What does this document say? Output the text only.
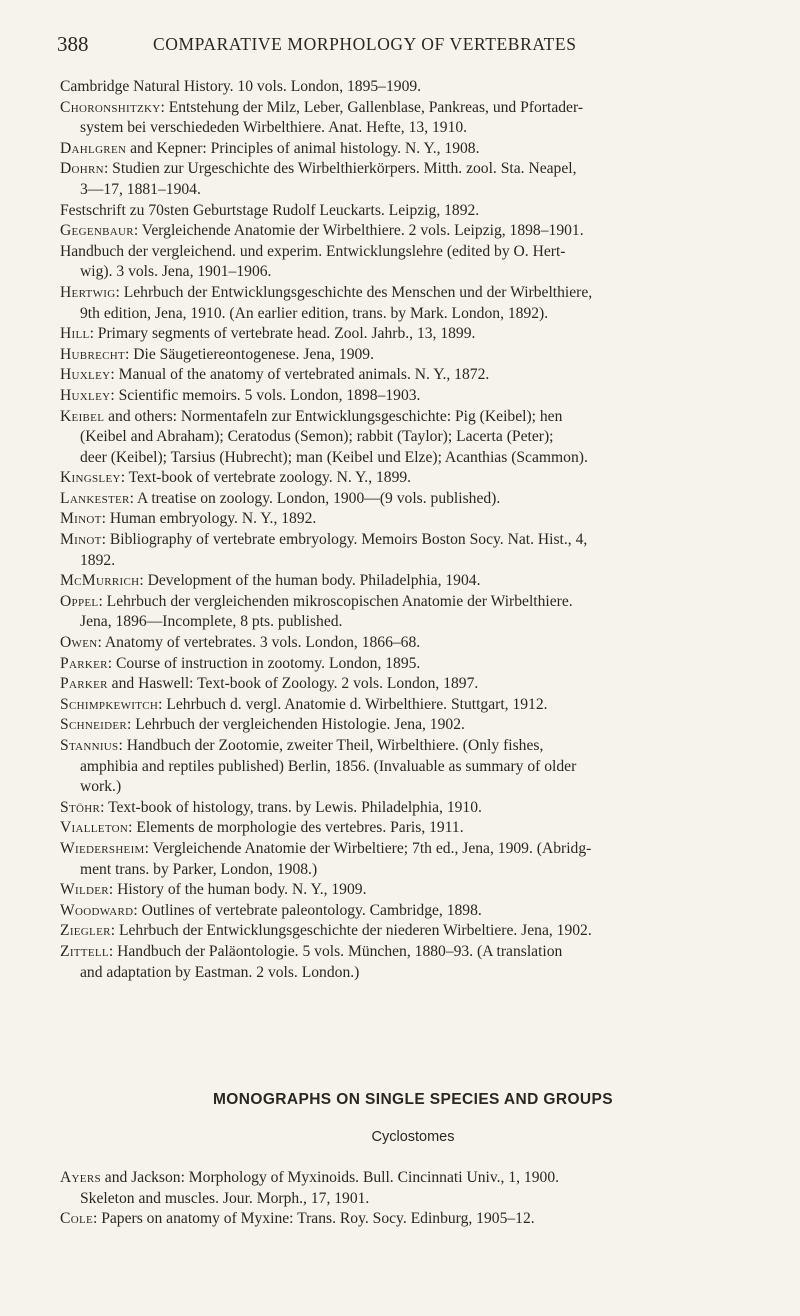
388	COMPARATIVE MORPHOLOGY OF VERTEBRATES

Cambridge Natural History. 10 vols. London, 1895–1909.

Choronshitzky: Entstehung der Milz, Leber, Gallenblase, Pankreas, und Pfortader-
system bei verschiededen Wirbelthiere. Anat. Hefte, 13, 1910.

Dahlgren and Kepner: Principles of animal histology. N. Y., 1908.

Dohrn: Studien zur Urgeschichte des Wirbelthierkörpers. Mitth. zool. Sta. Neapel,
3—17, 1881–1904.

Festschrift zu 70sten Geburtstage Rudolf Leuckarts. Leipzig, 1892.

Gegenbaur: Vergleichende Anatomie der Wirbelthiere. 2 vols. Leipzig, 1898–1901.

Handbuch der vergleichend. und experim. Entwicklungslehre (edited by O. Hert-
wig). 3 vols. Jena, 1901–1906.

Hertwig: Lehrbuch der Entwicklungsgeschichte des Menschen und der Wirbelthiere,
9th edition, Jena, 1910. (An earlier edition, trans. by Mark. London, 1892).

Hill: Primary segments of vertebrate head. Zool. Jahrb., 13, 1899.

Hubrecht: Die Säugetiereontogenese. Jena, 1909.

Huxley: Manual of the anatomy of vertebrated animals. N. Y., 1872.

Huxley: Scientific memoirs. 5 vols. London, 1898–1903.

Keibel and others: Normentafeln zur Entwicklungsgeschichte: Pig (Keibel); hen
(Keibel and Abraham); Ceratodus (Semon); rabbit (Taylor); Lacerta (Peter);
deer (Keibel); Tarsius (Hubrecht); man (Keibel und Elze); Acanthias (Scammon).

Kingsley: Text-book of vertebrate zoology. N. Y., 1899.

Lankester: A treatise on zoology. London, 1900—(9 vols. published).

Minot: Human embryology. N. Y., 1892.

Minot: Bibliography of vertebrate embryology. Memoirs Boston Socy. Nat. Hist., 4,
1892.

McMurrich: Development of the human body. Philadelphia, 1904.

Oppel: Lehrbuch der vergleichenden mikroscopischen Anatomie der Wirbelthiere.
Jena, 1896—Incomplete, 8 pts. published.

Owen: Anatomy of vertebrates. 3 vols. London, 1866–68.

Parker: Course of instruction in zootomy. London, 1895.

Parker and Haswell: Text-book of Zoology. 2 vols. London, 1897.

Schimpkewitch: Lehrbuch d. vergl. Anatomie d. Wirbelthiere. Stuttgart, 1912.

Schneider: Lehrbuch der vergleichenden Histologie. Jena, 1902.

Stannius: Handbuch der Zootomie, zweiter Theil, Wirbelthiere. (Only fishes,
amphibia and reptiles published) Berlin, 1856. (Invaluable as summary of older
work.)

Stöhr: Text-book of histology, trans. by Lewis. Philadelphia, 1910.

Vialleton: Elements de morphologie des vertebres. Paris, 1911.

Wiedersheim: Vergleichende Anatomie der Wirbeltiere; 7th ed., Jena, 1909. (Abridg-
ment trans. by Parker, London, 1908.)

Wilder: History of the human body. N. Y., 1909.

Woodward: Outlines of vertebrate paleontology. Cambridge, 1898.

Ziegler: Lehrbuch der Entwicklungsgeschichte der niederen Wirbeltiere. Jena, 1902.

Zittell: Handbuch der Paläontologie. 5 vols. München, 1880–93. (A translation
and adaptation by Eastman. 2 vols. London.)

MONOGRAPHS ON SINGLE SPECIES AND GROUPS
Cyclostomes

Ayers and Jackson: Morphology of Myxinoids. Bull. Cincinnati Univ., 1, 1900.
Skeleton and muscles. Jour. Morph., 17, 1901.

Cole: Papers on anatomy of Myxine: Trans. Roy. Socy. Edinburg, 1905–12.
